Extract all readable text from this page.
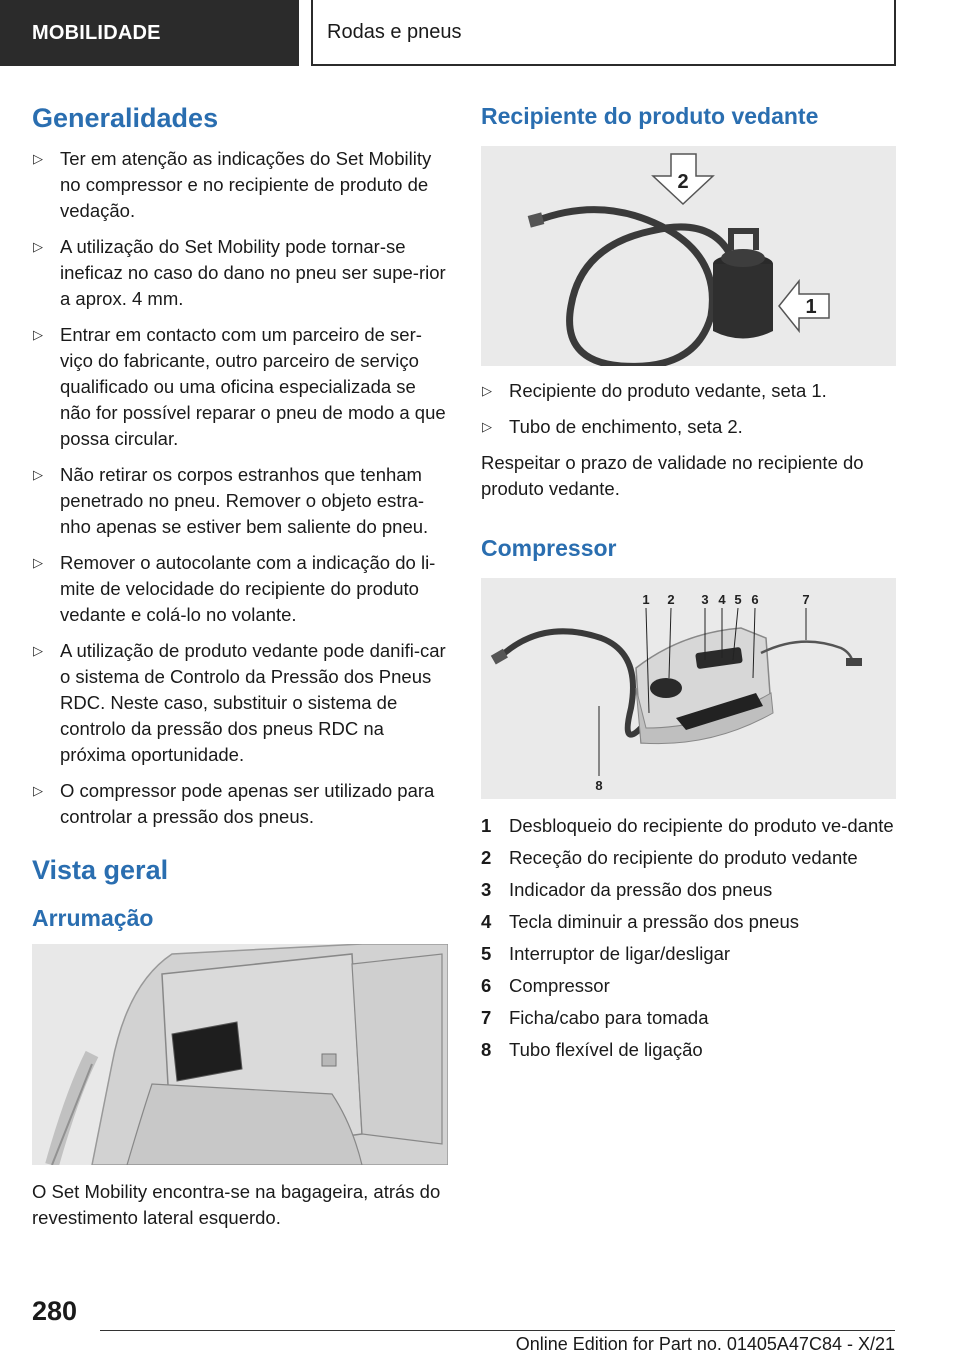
MOBILIDADE	Rodas e pneus
Generalidades
▷ Ter em atenção as indicações do Set Mobility no compressor e no recipiente de produto de vedação.
▷ A utilização do Set Mobility pode tornar-se ineficaz no caso do dano no pneu ser supe-rior a aprox. 4 mm.
▷ Entrar em contacto com um parceiro de ser-viço do fabricante, outro parceiro de serviço qualificado ou uma oficina especializada se não for possível reparar o pneu de modo a que possa circular.
▷ Não retirar os corpos estranhos que tenham penetrado no pneu. Remover o objeto estra-nho apenas se estiver bem saliente do pneu.
▷ Remover o autocolante com a indicação do li-mite de velocidade do recipiente do produto vedante e colá-lo no volante.
▷ A utilização de produto vedante pode danifi-car o sistema de Controlo da Pressão dos Pneus RDC. Neste caso, substituir o sistema de controlo da pressão dos pneus RDC na próxima oportunidade.
▷ O compressor pode apenas ser utilizado para controlar a pressão dos pneus.
Vista geral
Arrumação

O Set Mobility encontra-se na bagageira, atrás do revestimento lateral esquerdo.

Recipiente do produto vedante
2
1
▷ Recipiente do produto vedante, seta 1.
▷ Tubo de enchimento, seta 2.

Respeitar o prazo de validade no recipiente do produto vedante.

Compressor
1 2 3 4 5 6	7
8
1 Desbloqueio do recipiente do produto ve-dante
2 Receção do recipiente do produto vedante
3 Indicador da pressão dos pneus
4 Tecla diminuir a pressão dos pneus
5 Interruptor de ligar/desligar
6 Compressor
7 Ficha/cabo para tomada
8 Tubo flexível de ligação
280
Online Edition for Part no. 01405A47C84 - X/21
